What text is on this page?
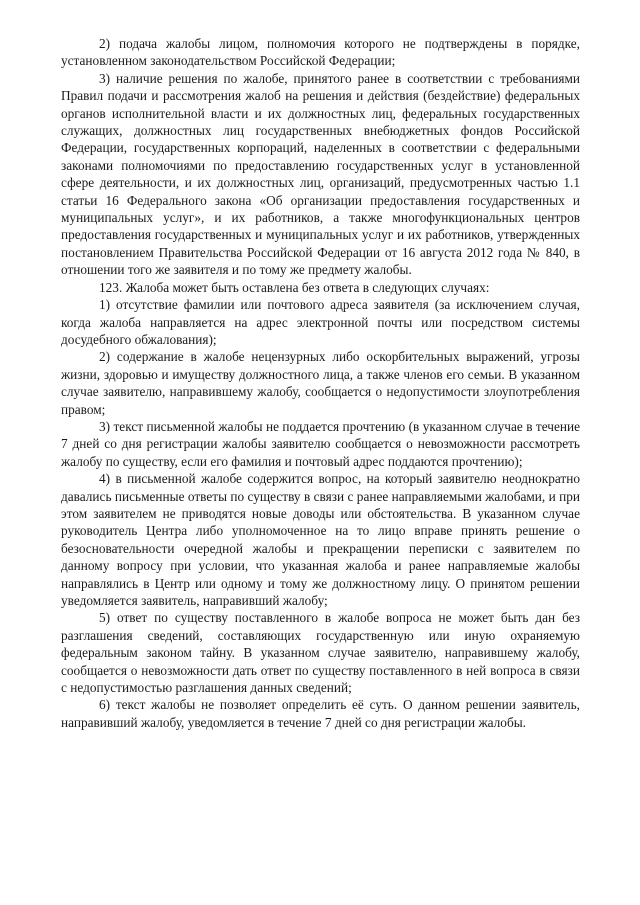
2) подача жалобы лицом, полномочия которого не подтверждены в порядке, установленном законодательством Российской Федерации;

3) наличие решения по жалобе, принятого ранее в соответствии с требованиями Правил подачи и рассмотрения жалоб на решения и действия (бездействие) федеральных органов исполнительной власти и их должностных лиц, федеральных государственных служащих, должностных лиц государственных внебюджетных фондов Российской Федерации, государственных корпораций, наделенных в соответствии с федеральными законами полномочиями по предоставлению государственных услуг в установленной сфере деятельности, и их должностных лиц, организаций, предусмотренных частью 1.1 статьи 16 Федерального закона «Об организации предоставления государственных и муниципальных услуг», и их работников, а также многофункциональных центров предоставления государственных и муниципальных услуг и их работников, утвержденных постановлением Правительства Российской Федерации от 16 августа 2012 года № 840, в отношении того же заявителя и по тому же предмету жалобы.

123. Жалоба может быть оставлена без ответа в следующих случаях:

1) отсутствие фамилии или почтового адреса заявителя (за исключением случая, когда жалоба направляется на адрес электронной почты или посредством системы досудебного обжалования);

2) содержание в жалобе нецензурных либо оскорбительных выражений, угрозы жизни, здоровью и имуществу должностного лица, а также членов его семьи. В указанном случае заявителю, направившему жалобу, сообщается о недопустимости злоупотребления правом;

3) текст письменной жалобы не поддается прочтению (в указанном случае в течение 7 дней со дня регистрации жалобы заявителю сообщается о невозможности рассмотреть жалобу по существу, если его фамилия и почтовый адрес поддаются прочтению);

4) в письменной жалобе содержится вопрос, на который заявителю неоднократно давались письменные ответы по существу в связи с ранее направляемыми жалобами, и при этом заявителем не приводятся новые доводы или обстоятельства. В указанном случае руководитель Центра либо уполномоченное на то лицо вправе принять решение о безосновательности очередной жалобы и прекращении переписки с заявителем по данному вопросу при условии, что указанная жалоба и ранее направляемые жалобы направлялись в Центр или одному и тому же должностному лицу. О принятом решении уведомляется заявитель, направивший жалобу;

5) ответ по существу поставленного в жалобе вопроса не может быть дан без разглашения сведений, составляющих государственную или иную охраняемую федеральным законом тайну. В указанном случае заявителю, направившему жалобу, сообщается о невозможности дать ответ по существу поставленного в ней вопроса в связи с недопустимостью разглашения данных сведений;

6) текст жалобы не позволяет определить её суть. О данном решении заявитель, направивший жалобу, уведомляется в течение 7 дней со дня регистрации жалобы.
